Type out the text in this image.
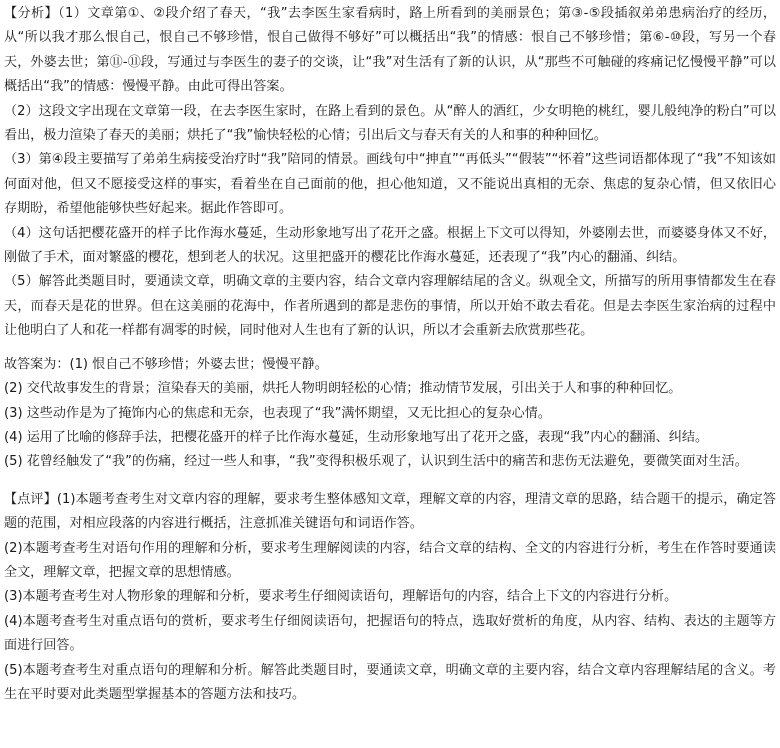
【分析】（1）文章第①、②段介绍了春天，“我”去李医生家看病时，路上所看到的美丽景色；第③-⑤段插叙弟弟患病治疗的经历，从“所以我才那么恨自己，恨自己不够珍惜，恨自己做得不够好”可以概括出“我”的情感：恨自己不够珍惜；第⑥-⑩段，写另一个春天，外婆去世；第⑪-⑪段，写通过与李医生的妻子的交谈，让“我”对生活有了新的认识，从“那些不可触碰的疼痛记忆慢慢平静”可以概括出“我”的情感：慢慢平静。由此可得出答案。

（2）这段文字出现在文章第一段，在去李医生家时，在路上看到的景色。从“醉人的酒红，少女明艳的桃红，婴儿般纯净的粉白”可以看出，极力渲染了春天的美丽；烘托了“我”愉快轻松的心情；引出后文与春天有关的人和事的种种回忆。

（3）第④段主要描写了弟弟生病接受治疗时“我”陪同的情景。画线句中“抻直”“再低头”“假装”“怀着”这些词语都体现了“我”不知该如何面对他，但又不愿接受这样的事实，看着坐在自己面前的他，担心他知道，又不能说出真相的无奈、焦虑的复杂心情，但又依旧心存期盼，希望他能够快些好起来。据此作答即可。

（4）这句话把樱花盛开的样子比作海水蔓延，生动形象地写出了花开之盛。根据上下文可以得知，外婆刚去世，而婆婆身体又不好，刚做了手术，面对繁盛的樱花，想到老人的状况。这里把盛开的樱花比作海水蔓延，还表现了“我”内心的翻涌、纠结。

（5）解答此类题目时，要通读文章，明确文章的主要内容，结合文章内容理解结尾的含义。纵观全文，所描写的所用事情都发生在春天，而春天是花的世界。但在这美丽的花海中，作者所遇到的都是悲伤的事情，所以开始不敢去看花。但是去李医生家治病的过程中让他明白了人和花一样都有凋零的时候，同时他对人生也有了新的认识，所以才会重新去欣赏那些花。

故答案为：(1) 恨自己不够珍惜；外婆去世；慢慢平静。

(2) 交代故事发生的背景；渲染春天的美丽，烘托人物明朗轻松的心情；推动情节发展，引出关于人和事的种种回忆。

(3) 这些动作是为了掩饰内心的焦虑和无奈，也表现了“我”满怀期望，又无比担心的复杂心情。

(4) 运用了比喻的修辞手法，把樱花盛开的样子比作海水蔓延，生动形象地写出了花开之盛，表现“我”内心的翻涌、纠结。

(5) 花曾经触发了“我”的伤痛，经过一些人和事，“我”变得积极乐观了，认识到生活中的痛苦和悲伤无法避免，要微笑面对生活。

【点评】(1)本题考查考生对文章内容的理解，要求考生整体感知文章，理解文章的内容，理清文章的思路，结合题干的提示，确定答题的范围，对相应段落的内容进行概括，注意抓准关键语句和词语作答。

(2)本题考查考生对语句作用的理解和分析，要求考生理解阅读的内容，结合文章的结构、全文的内容进行分析，考生在作答时要通读全文，理解文章，把握文章的思想情感。

(3)本题考查考生对人物形象的理解和分析，要求考生仔细阅读语句，理解语句的内容，结合上下文的内容进行分析。

(4)本题考查考生对重点语句的赏析，要求考生仔细阅读语句，把握语句的特点，选取好赏析的角度，从内容、结构、表达的主题等方面进行回答。

(5)本题考查考生对重点语句的理解和分析。解答此类题目时，要通读文章，明确文章的主要内容，结合文章内容理解结尾的含义。考生在平时要对此类题型掌握基本的答题方法和技巧。
